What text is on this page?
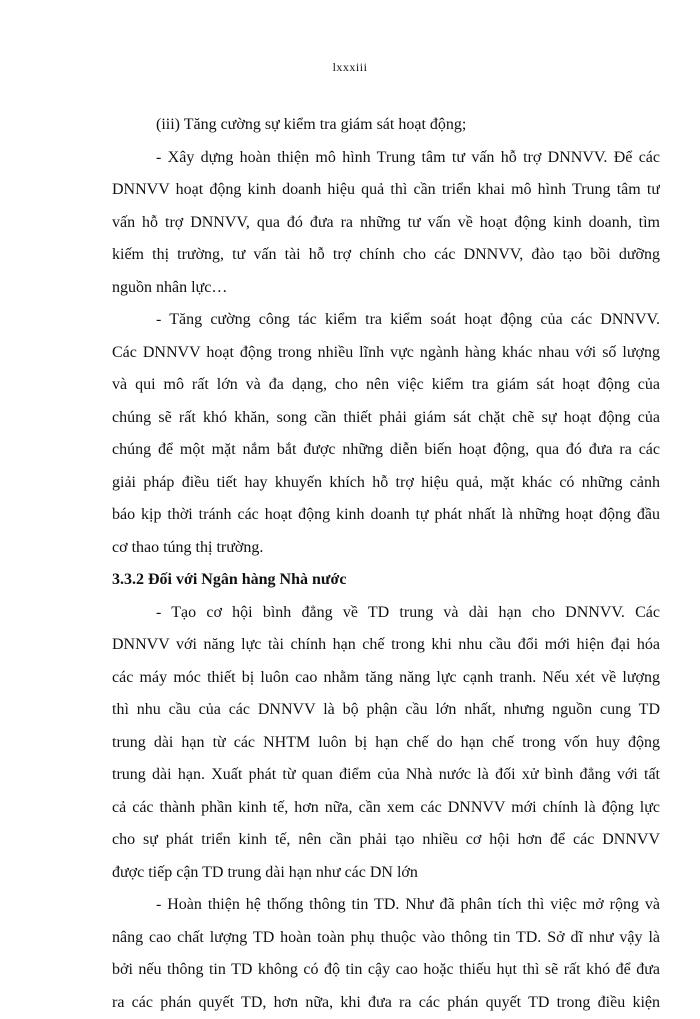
lxxxiii
(iii) Tăng cường sự kiểm tra giám sát hoạt động;
- Xây dựng hoàn thiện mô hình Trung tâm tư vấn hỗ trợ DNNVV. Để các
DNNVV hoạt động kinh doanh hiệu quả thì cần triển khai mô hình Trung tâm tư
vấn hỗ trợ DNNVV, qua đó đưa ra những tư vấn về hoạt động kinh doanh, tìm
kiếm thị trường, tư vấn tài hỗ trợ chính cho các DNNVV, đào tạo bồi dưỡng
nguồn nhân lực…
- Tăng cường công tác kiểm tra kiểm soát hoạt động của các DNNVV.
Các DNNVV hoạt động trong nhiều lĩnh vực ngành hàng khác nhau với số lượng
và qui mô rất lớn và đa dạng, cho nên việc kiểm tra giám sát hoạt động của
chúng sẽ rất khó khăn, song cần thiết phải giám sát chặt chẽ sự hoạt động của
chúng để một mặt nắm bắt được những diễn biến hoạt động, qua đó đưa ra các
giải pháp điều tiết hay khuyến khích hỗ trợ hiệu quả, mặt khác có những cảnh
báo kịp thời tránh các hoạt động kinh doanh tự phát nhất là những hoạt động đầu
cơ thao túng thị trường.
3.3.2 Đối với Ngân hàng Nhà nước
- Tạo cơ hội bình đẳng về TD trung và dài hạn cho DNNVV. Các
DNNVV với năng lực tài chính hạn chế trong khi nhu cầu đổi mới hiện đại hóa
các máy móc thiết bị luôn cao nhằm tăng năng lực cạnh tranh. Nếu xét về lượng
thì nhu cầu của các DNNVV là bộ phận cầu lớn nhất, nhưng nguồn cung TD
trung dài hạn từ các NHTM luôn bị hạn chế do hạn chế trong vốn huy động
trung dài hạn. Xuất phát từ quan điểm của Nhà nước là đối xử bình đẳng với tất
cả các thành phần kinh tế, hơn nữa, cần xem các DNNVV mới chính là động lực
cho sự phát triển kinh tế, nên cần phải tạo nhiều cơ hội hơn để các DNNVV
được tiếp cận TD trung dài hạn như các DN lớn
- Hoàn thiện hệ thống thông tin TD. Như đã phân tích thì việc mở rộng và
nâng cao chất lượng TD hoàn toàn phụ thuộc vào thông tin TD. Sở dĩ như vậy là
bởi nếu thông tin TD không có độ tin cậy cao hoặc thiếu hụt thì sẽ rất khó để đưa
ra các phán quyết TD, hơn nữa, khi đưa ra các phán quyết TD trong điều kiện
